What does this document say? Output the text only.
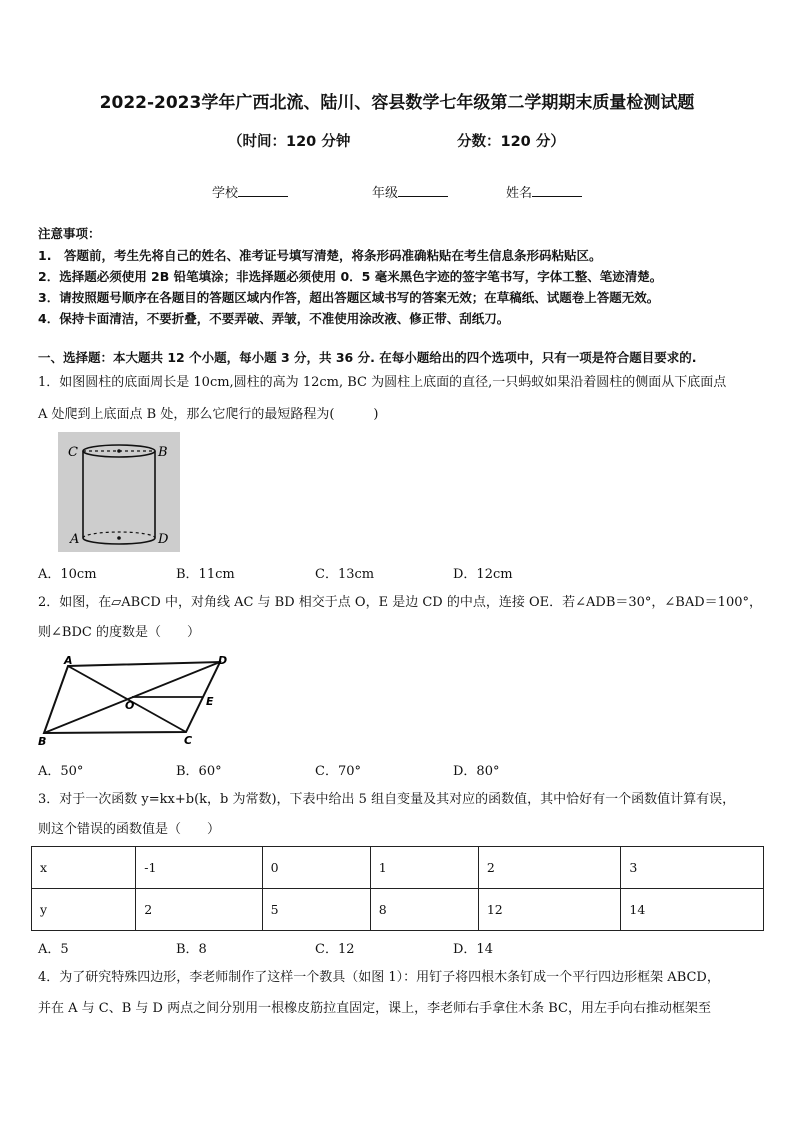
2022-2023学年广西北流、陆川、容县数学七年级第二学期期末质量检测试题
（时间：120 分钟	分数：120 分）
学校	年级	姓名
注意事项：
1.　答题前，考生先将自己的姓名、准考证号填写清楚，将条形码准确粘贴在考生信息条形码粘贴区。
2．选择题必须使用 2B 铅笔填涂；非选择题必须使用 0．5 毫米黑色字迹的签字笔书写，字体工整、笔迹清楚。
3．请按照题号顺序在各题目的答题区域内作答，超出答题区域书写的答案无效；在草稿纸、试题卷上答题无效。
4．保持卡面清洁，不要折叠，不要弄破、弄皱，不准使用涂改液、修正带、刮纸刀。
一、选择题：本大题共 12 个小题，每小题 3 分，共 36 分. 在每小题给出的四个选项中，只有一项是符合题目要求的.
1．如图圆柱的底面周长是 10cm,圆柱的高为 12cm, BC 为圆柱上底面的直径,一只蚂蚁如果沿着圆柱的侧面从下底面点
A 处爬到上底面点 B 处，那么它爬行的最短路程为(　　　)
C	B
A	D
A．10cm	B．11cm	C．13cm	D．12cm
2．如图，在▱ABCD 中，对角线 AC 与 BD 相交于点 O，E 是边 CD 的中点，连接 OE．若∠ADB＝30°，∠BAD＝100°，
则∠BDC 的度数是（　　）
A	D
O	E
B	C
A．50°	B．60°	C．70°	D．80°
3．对于一次函数 y=kx+b(k，b 为常数)，下表中给出 5 组自变量及其对应的函数值，其中恰好有一个函数值计算有误，
则这个错误的函数值是（　　）
x	-1	0	1	2	3
y	2	5	8	12	14
A．5	B．8	C．12	D．14
4．为了研究特殊四边形，李老师制作了这样一个教具（如图 1）：用钉子将四根木条钉成一个平行四边形框架 ABCD，
并在 A 与 C、B 与 D 两点之间分别用一根橡皮筋拉直固定，课上，李老师右手拿住木条 BC，用左手向右推动框架至
